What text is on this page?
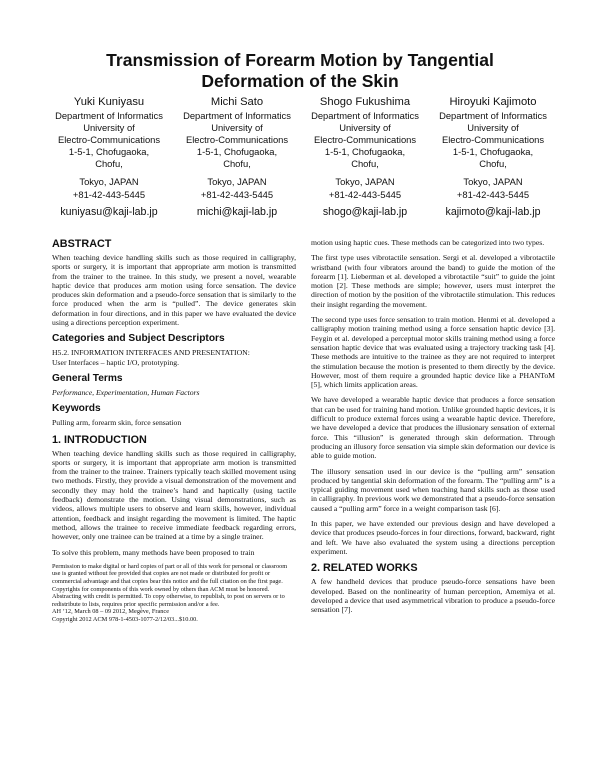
Transmission of Forearm Motion by Tangential
Deformation of the Skin
Yuki Kuniyasu
Department of Informatics
University of
Electro-Communications
1-5-1, Chofugaoka,
Chofu,
Tokyo, JAPAN
+81-42-443-5445
kuniyasu@kaji-lab.jp
Michi Sato
Department of Informatics
University of
Electro-Communications
1-5-1, Chofugaoka,
Chofu,
Tokyo, JAPAN
+81-42-443-5445
michi@kaji-lab.jp
Shogo Fukushima
Department of Informatics
University of
Electro-Communications
1-5-1, Chofugaoka,
Chofu,
Tokyo, JAPAN
+81-42-443-5445
shogo@kaji-lab.jp
Hiroyuki Kajimoto
Department of Informatics
University of
Electro-Communications
1-5-1, Chofugaoka,
Chofu,
Tokyo, JAPAN
+81-42-443-5445
kajimoto@kaji-lab.jp
ABSTRACT

When teaching device handling skills such as those required in calligraphy, sports or surgery, it is important that appropriate arm motion is transmitted from the trainer to the trainee. In this study, we present a novel, wearable haptic device that produces arm motion using force sensation. The device produces skin deformation and a pseudo-force sensation that is similarly to the force produced when the arm is “pulled”. The device generates skin deformation in four directions, and in this paper we have evaluated the device using a directions perception experiment.

Categories and Subject Descriptors

H5.2. INFORMATION INTERFACES AND PRESENTATION:
User Interfaces – haptic I/O, prototyping.

General Terms

Performance, Experimentation, Human Factors

Keywords

Pulling arm, forearm skin, force sensation

1. INTRODUCTION

When teaching device handling skills such as those required in calligraphy, sports or surgery, it is important that appropriate arm motion is transmitted from the trainer to the trainee. Trainers typically teach skilled movement using two methods. Firstly, they provide a visual demonstration of the movement and secondly they may hold the trainee’s hand and haptically (using tactile feedback) demonstrate the motion. Using visual demonstrations, such as videos, allows multiple users to observe and learn skills, however, individual attention, feedback and insight regarding the movement is limited. The haptic method, allows the trainee to receive immediate feedback regarding errors, however, only one trainee can be trained at a time by a single trainer.

To solve this problem, many methods have been proposed to train

Permission to make digital or hard copies of part or all of this work for personal or classroom use is granted without fee provided that copies are not made or distributed for profit or commercial advantage and that copies bear this notice and the full citation on the first page. Copyrights for components of this work owned by others than ACM must be honored. Abstracting with credit is permitted. To copy otherwise, to republish, to post on servers or to redistribute to lists, requires prior specific permission and/or a fee.
AH ’12, March 08 – 09 2012, Megève, France
Copyright 2012 ACM 978-1-4503-1077-2/12/03...$10.00.

motion using haptic cues. These methods can be categorized into two types.

The first type uses vibrotactile sensation. Sergi et al. developed a vibrotactile wristband (with four vibrators around the band) to guide the motion of the forearm [1]. Lieberman et al. developed a vibrotactile “suit” to guide the joint motion [2]. These methods are simple; however, users must interpret the direction of motion by the position of the vibrotactile stimulation. This reduces their insight regarding the movement.

The second type uses force sensation to train motion. Henmi et al. developed a calligraphy motion training method using a force sensation haptic device [3]. Feygin et al. developed a perceptual motor skills training method using a force sensation haptic device that was evaluated using a trajectory tracking task [4]. These methods are intuitive to the trainee as they are not required to interpret the stimulation because the motion is presented to them directly by the device. However, most of them require a grounded haptic device like a PHANToM [5], which limits application areas.

We have developed a wearable haptic device that produces a force sensation that can be used for training hand motion. Unlike grounded haptic devices, it is difficult to produce external forces using a wearable haptic device. Therefore, we have developed a device that produces the illusionary sensation of external force. This “illusion” is generated through skin deformation. Through producing an illusory force sensation via simple skin deformation our device is able to guide motion.

The illusory sensation used in our device is the “pulling arm” sensation produced by tangential skin deformation of the forearm. The “pulling arm” is a typical guiding movement used when teaching hand skills such as those used in calligraphy. In previous work we demonstrated that a pseudo-force sensation caused a “pulling arm” force in a weight comparison task [6].

In this paper, we have extended our previous design and have developed a device that produces pseudo-forces in four directions, forward, backward, right and left. We have also evaluated the system using a directions perception experiment.

2. RELATED WORKS

A few handheld devices that produce pseudo-force sensations have been developed. Based on the nonlinearity of human perception, Amemiya et al. developed a device that used asymmetrical vibration to produce a pseudo-force sensation [7].
